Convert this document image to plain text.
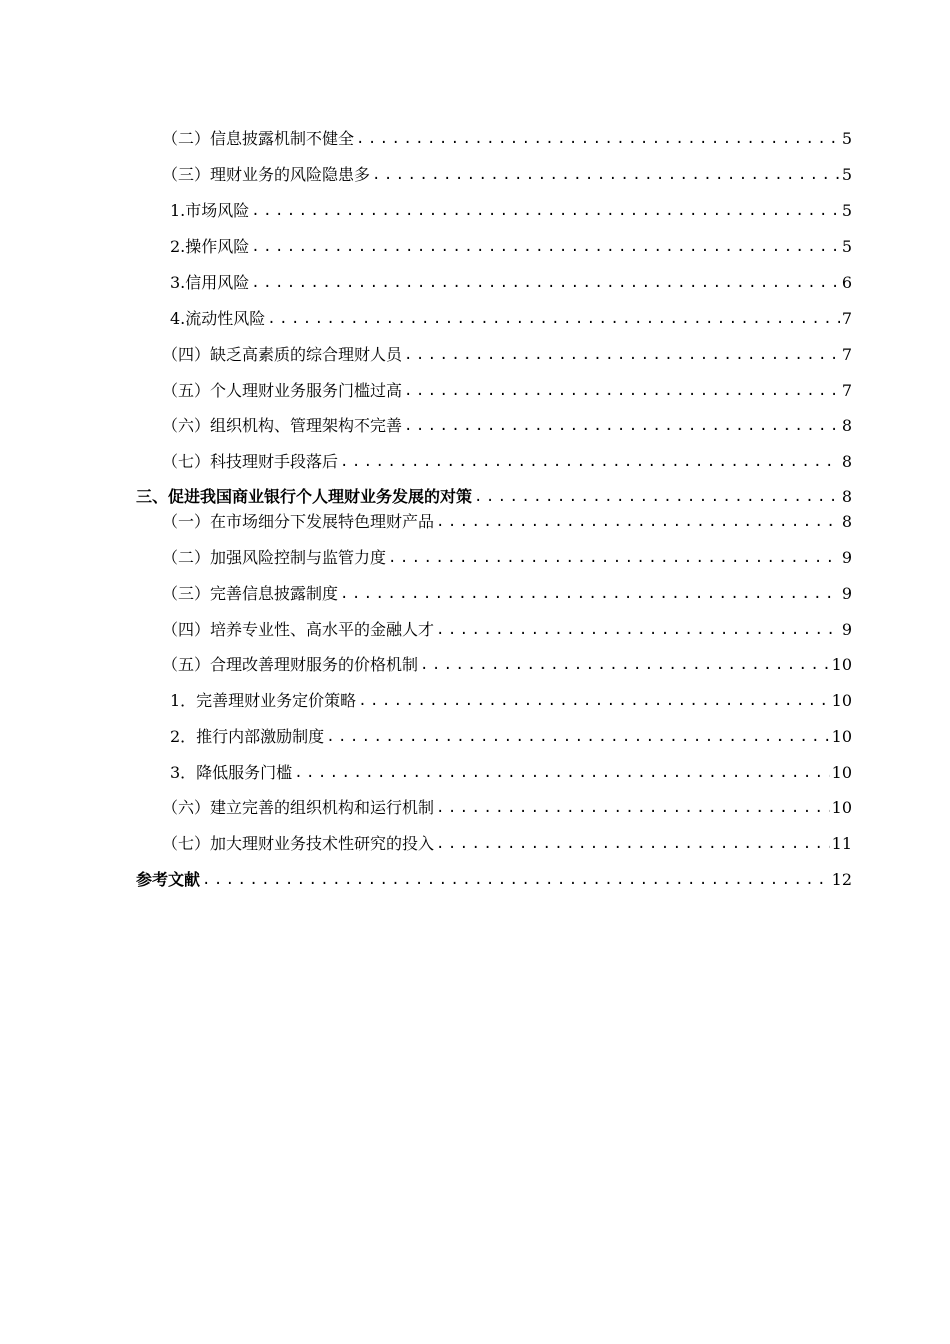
（二）信息披露机制不健全 .....	5
（三）理财业务的风险隐患多 .....	5
1.市场风险 .....	5
2.操作风险 .....	5
3.信用风险 .....	6
4.流动性风险 .....	7
（四）缺乏高素质的综合理财人员 .....	7
（五）个人理财业务服务门槛过高 .....	7
（六）组织机构、管理架构不完善 .....	8
（七）科技理财手段落后 .....	8
三、促进我国商业银行个人理财业务发展的对策 .....	8
（一）在市场细分下发展特色理财产品 .....	8
（二）加强风险控制与监管力度 .....	9
（三）完善信息披露制度 .....	9
（四）培养专业性、高水平的金融人才 .....	9
（五）合理改善理财服务的价格机制 .....	10
1．完善理财业务定价策略 .....	10
2．推行内部激励制度 .....	10
3．降低服务门槛 .....	10
（六）建立完善的组织机构和运行机制 .....	10
（七）加大理财业务技术性研究的投入 .....	11
参考文献 .....	12
